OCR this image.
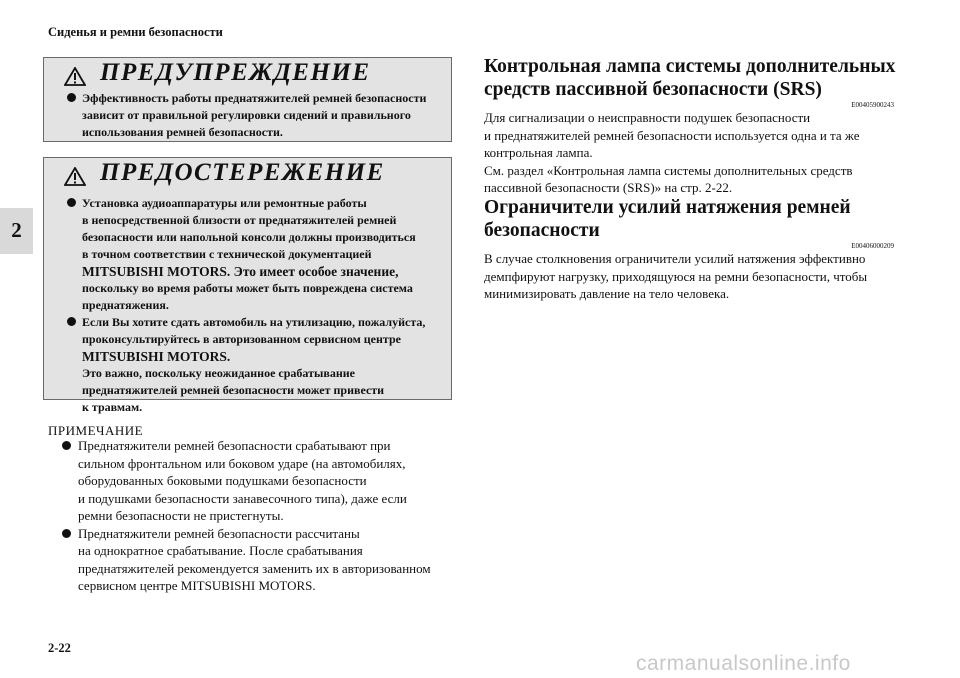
Сиденья и ремни безопасности
2
ПРЕДУПРЕЖДЕНИЕ
Эффективность работы преднатяжителей ремней безопасности
зависит от правильной регулировки сидений и правильного
использования ремней безопасности.
ПРЕДОСТЕРЕЖЕНИЕ
Установка аудиоаппаратуры или ремонтные работы
в непосредственной близости от преднатяжителей ремней
безопасности или напольной консоли должны производиться
в точном соответствии с технической документацией
MITSUBISHI MOTORS. Это имеет особое значение,
поскольку во время работы может быть повреждена система
преднатяжения.
Если Вы хотите сдать автомобиль на утилизацию, пожалуйста,
проконсультируйтесь в авторизованном сервисном центре
MITSUBISHI MOTORS.
Это важно, поскольку неожиданное срабатывание
преднатяжителей ремней безопасности может привести
к травмам.
ПРИМЕЧАНИЕ
Преднатяжители ремней безопасности срабатывают при
сильном фронтальном или боковом ударе (на автомобилях,
оборудованных боковыми подушками безопасности
и подушками безопасности занавесочного типа), даже если
ремни безопасности не пристегнуты.
Преднатяжители ремней безопасности рассчитаны
на однократное срабатывание. После срабатывания
преднатяжителей рекомендуется заменить их в авторизованном
сервисном центре MITSUBISHI MOTORS.
Контрольная лампа системы дополнительных
средств пассивной безопасности (SRS)
E00405900243
Для сигнализации о неисправности подушек безопасности
и преднатяжителей ремней безопасности используется одна и та же
контрольная лампа.
См. раздел «Контрольная лампа системы дополнительных средств
пассивной безопасности (SRS)» на стр. 2-22.
Ограничители усилий натяжения ремней
безопасности
E00406000209
В случае столкновения ограничители усилий натяжения эффективно
демпфируют нагрузку, приходящуюся на ремни безопасности, чтобы
минимизировать давление на тело человека.
2-22
carmanualsonline.info
